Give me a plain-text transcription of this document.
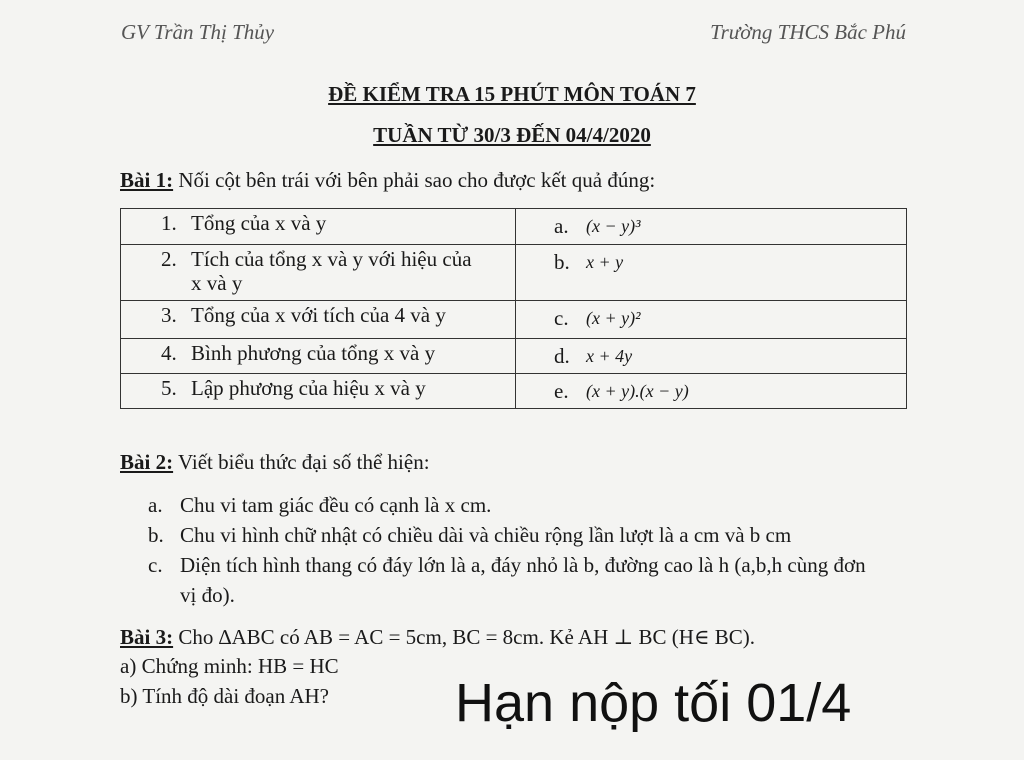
GV Trần Thị Thủy	Trường THCS Bắc Phú
ĐỀ KIỂM TRA 15 PHÚT MÔN TOÁN 7
TUẦN TỪ 30/3 ĐẾN 04/4/2020
Bài 1: Nối cột bên trái với bên phải sao cho được kết quả đúng:
1. Tổng của x và y	a. (x − y)³

2. Tích của tổng x và y với hiệu của x và y	b. x + y

3. Tổng của x với tích của 4 và y	c. (x + y)²

4. Bình phương của tổng x và y	d. x + 4y

5. Lập phương của hiệu x và y	e. (x + y).(x − y)
Bài 2: Viết biểu thức đại số thể hiện:
a. Chu vi tam giác đều có cạnh là x cm.
b. Chu vi hình chữ nhật có chiều dài và chiều rộng lần lượt là a cm và b cm
c. Diện tích hình thang có đáy lớn là a, đáy nhỏ là b, đường cao là h (a,b,h cùng đơn vị đo).
Bài 3: Cho ∆ABC có AB = AC = 5cm, BC = 8cm. Kẻ AH ⊥ BC (H∈ BC).
a) Chứng minh: HB = HC
b) Tính độ dài đoạn AH? Hạn nộp tối 01/4
